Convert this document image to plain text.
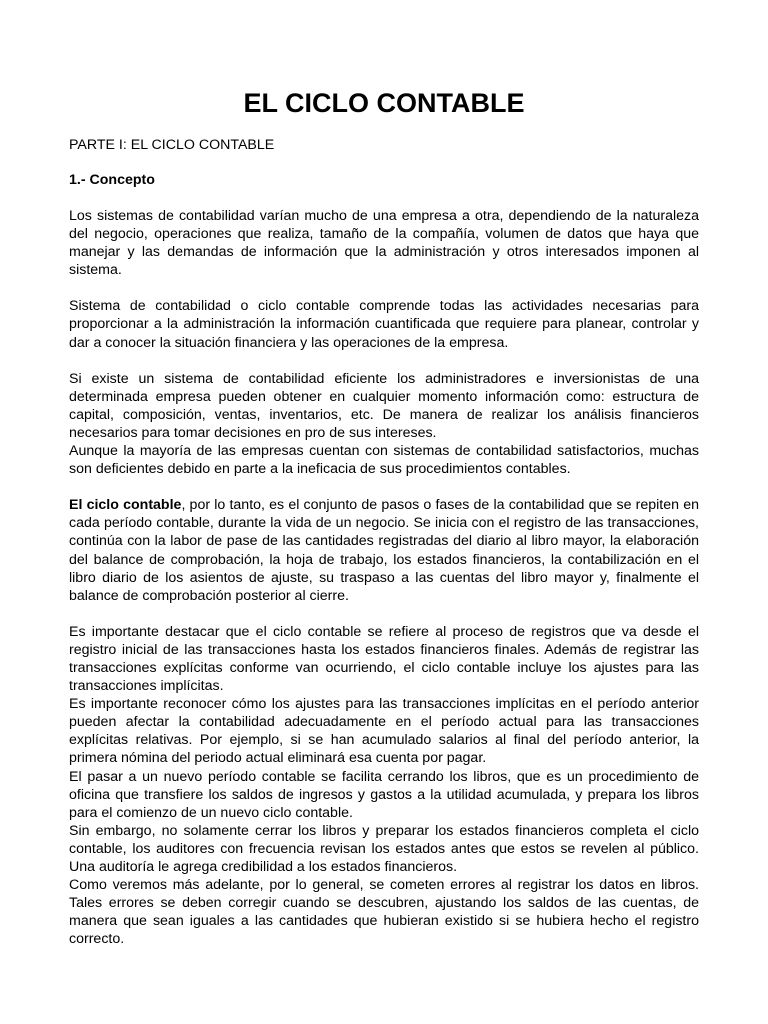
EL CICLO CONTABLE

PARTE I: EL CICLO CONTABLE

1.- Concepto

Los sistemas de contabilidad varían mucho de una empresa a otra, dependiendo de la naturaleza del negocio, operaciones que realiza, tamaño de la compañía, volumen de datos que haya que manejar y las demandas de información que la administración y otros interesados imponen al sistema.

Sistema de contabilidad o ciclo contable comprende todas las actividades necesarias para proporcionar a la administración la información cuantificada que requiere para planear, controlar y dar a conocer la situación financiera y las operaciones de la empresa.

Si existe un sistema de contabilidad eficiente los administradores e inversionistas de una determinada empresa pueden obtener en cualquier momento información como: estructura de capital, composición, ventas, inventarios, etc. De manera de realizar los análisis financieros necesarios para tomar decisiones en pro de sus intereses.

Aunque la mayoría de las empresas cuentan con sistemas de contabilidad satisfactorios, muchas son deficientes debido en parte a la ineficacia de sus procedimientos contables.

El ciclo contable, por lo tanto, es el conjunto de pasos o fases de la contabilidad que se repiten en cada período contable, durante la vida de un negocio. Se inicia con el registro de las transacciones, continúa con la labor de pase de las cantidades registradas del diario al libro mayor, la elaboración del balance de comprobación, la hoja de trabajo, los estados financieros, la contabilización en el libro diario de los asientos de ajuste, su traspaso a las cuentas del libro mayor y, finalmente el balance de comprobación posterior al cierre.

Es importante destacar que el ciclo contable se refiere al proceso de registros que va desde el registro inicial de las transacciones hasta los estados financieros finales. Además de registrar las transacciones explícitas conforme van ocurriendo, el ciclo contable incluye los ajustes para las transacciones implícitas.

Es importante reconocer cómo los ajustes para las transacciones implícitas en el período anterior pueden afectar la contabilidad adecuadamente en el período actual para las transacciones explícitas relativas. Por ejemplo, si se han acumulado salarios al final del período anterior, la primera nómina del periodo actual eliminará esa cuenta por pagar.

El pasar a un nuevo período contable se facilita cerrando los libros, que es un procedimiento de oficina que transfiere los saldos de ingresos y gastos a la utilidad acumulada, y prepara los libros para el comienzo de un nuevo ciclo contable.

Sin embargo, no solamente cerrar los libros y preparar los estados financieros completa el ciclo contable, los auditores con frecuencia revisan los estados antes que estos se revelen al público. Una auditoría le agrega credibilidad a los estados financieros.

Como veremos más adelante, por lo general, se cometen errores al registrar los datos en libros. Tales errores se deben corregir cuando se descubren, ajustando los saldos de las cuentas, de manera que sean iguales a las cantidades que hubieran existido si se hubiera hecho el registro correcto.
